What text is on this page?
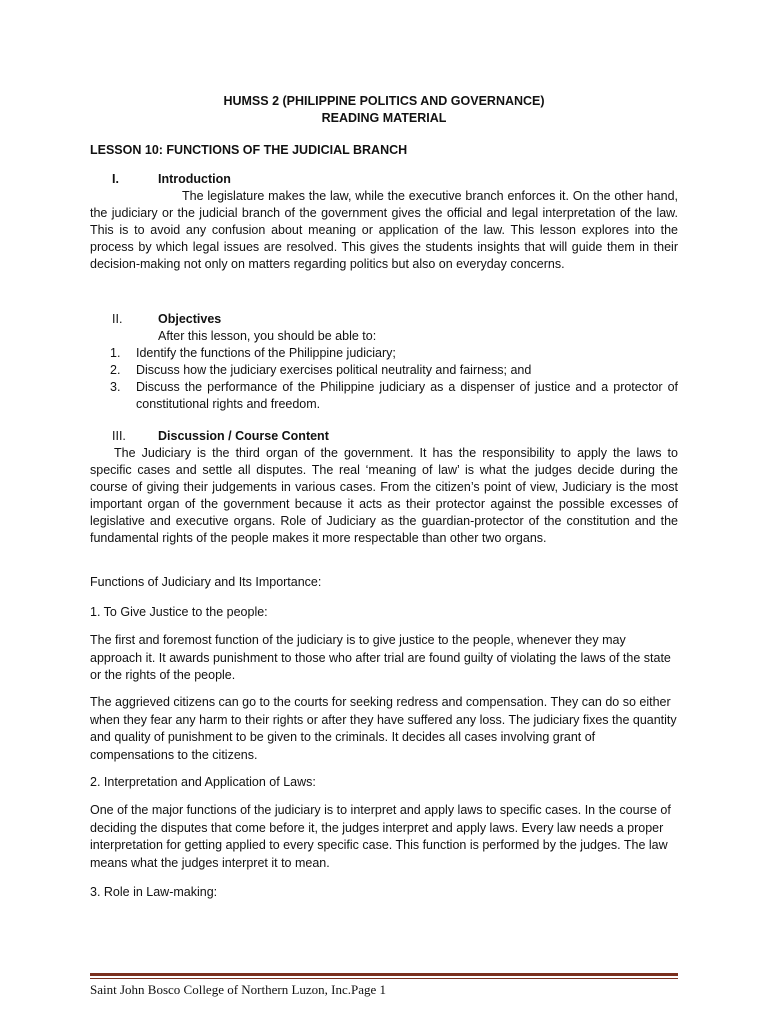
HUMSS 2 (PHILIPPINE POLITICS AND GOVERNANCE)
READING MATERIAL
LESSON 10: FUNCTIONS OF THE JUDICIAL BRANCH
I.	Introduction
The legislature makes the law, while the executive branch enforces it. On the other hand, the judiciary or the judicial branch of the government gives the official and legal interpretation of the law. This is to avoid any confusion about meaning or application of the law. This lesson explores into the process by which legal issues are resolved. This gives the students insights that will guide them in their decision-making not only on matters regarding politics but also on everyday concerns.
II.	Objectives
After this lesson, you should be able to:
1. Identify the functions of the Philippine judiciary;
2. Discuss how the judiciary exercises political neutrality and fairness; and
3. Discuss the performance of the Philippine judiciary as a dispenser of justice and a protector of constitutional rights and freedom.
III.	Discussion / Course Content
The Judiciary is the third organ of the government. It has the responsibility to apply the laws to specific cases and settle all disputes. The real ‘meaning of law’ is what the judges decide during the course of giving their judgements in various cases. From the citizen’s point of view, Judiciary is the most important organ of the government because it acts as their protector against the possible excesses of legislative and executive organs. Role of Judiciary as the guardian-protector of the constitution and the fundamental rights of the people makes it more respectable than other two organs.
Functions of Judiciary and Its Importance:
1. To Give Justice to the people:
The first and foremost function of the judiciary is to give justice to the people, whenever they may approach it. It awards punishment to those who after trial are found guilty of violating the laws of the state or the rights of the people.
The aggrieved citizens can go to the courts for seeking redress and compensation. They can do so either when they fear any harm to their rights or after they have suffered any loss. The judiciary fixes the quantity and quality of punishment to be given to the criminals. It decides all cases involving grant of compensations to the citizens.
2. Interpretation and Application of Laws:
One of the major functions of the judiciary is to interpret and apply laws to specific cases. In the course of deciding the disputes that come before it, the judges interpret and apply laws. Every law needs a proper interpretation for getting applied to every specific case. This function is performed by the judges. The law means what the judges interpret it to mean.
3. Role in Law-making:
Saint John Bosco College of Northern Luzon, Inc.Page 1
